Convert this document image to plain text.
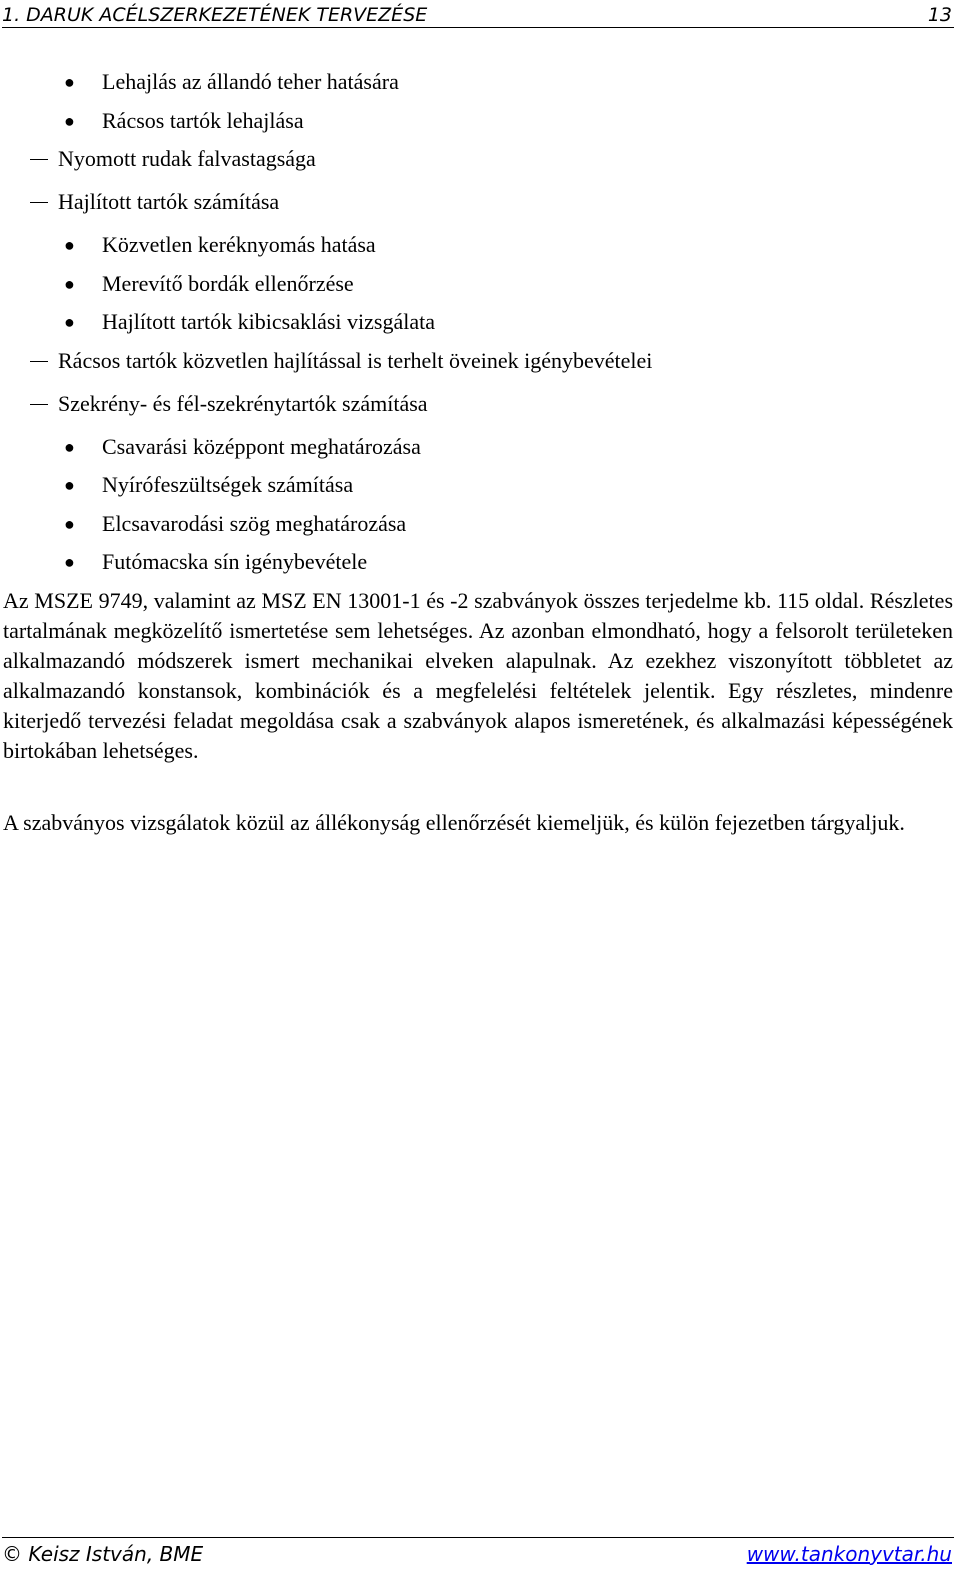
1. DARUK ACÉLSZERKEZETÉNEK TERVEZÉSE	13
● Lehajlás az állandó teher hatására
● Rácsos tartók lehajlása
Nyomott rudak falvastagsága
Hajlított tartók számítása
● Közvetlen keréknyomás hatása
● Merevítő bordák ellenőrzése
● Hajlított tartók kibicsaklási vizsgálata
Rácsos tartók közvetlen hajlítással is terhelt öveinek igénybevételei
Szekrény- és fél-szekrénytartók számítása
● Csavarási középpont meghatározása
● Nyírófeszültségek számítása
● Elcsavarodási szög meghatározása
● Futómacska sín igénybevétele

Az MSZE 9749, valamint az MSZ EN 13001-1 és -2 szabványok összes terjedelme kb. 115 oldal. Részletes tartalmának megközelítő ismertetése sem lehetséges. Az azonban elmondható, hogy a felsorolt területeken alkalmazandó módszerek ismert mechanikai elveken alapulnak. Az ezekhez viszonyított többletet az alkalmazandó konstansok, kombinációk és a megfelelési feltételek jelentik. Egy részletes, mindenre kiterjedő tervezési feladat megoldása csak a szabványok alapos ismeretének, és alkalmazási képességének birtokában lehetséges.

A szabványos vizsgálatok közül az állékonyság ellenőrzését kiemeljük, és külön fejezetben tárgyaljuk.

© Keisz István, BME	www.tankonyvtar.hu
